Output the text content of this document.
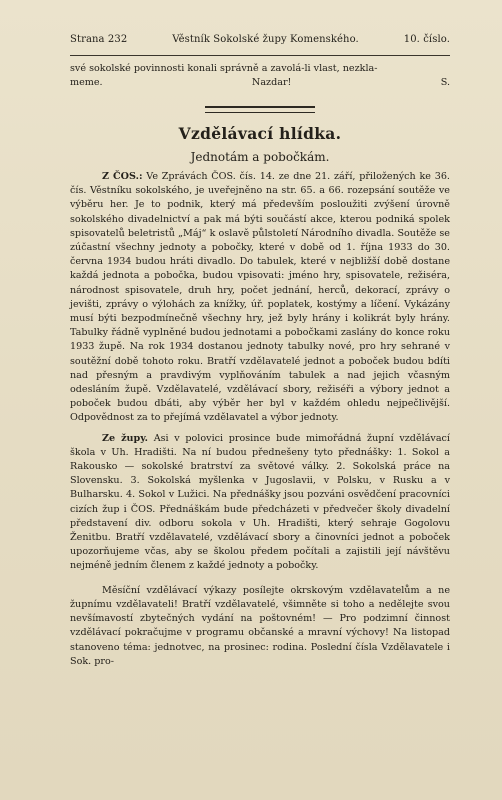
Strana 232	Věstník Sokolské župy Komenského.	10. číslo.

své sokolské povinnosti konali správně a zavolá-li vlast, nezkla-

meme.	Nazdar!	S.

Vzdělávací hlídka.
Jednotám a pobočkám.

Z ČOS.: Ve Zprávách ČOS. čís. 14. ze dne 21. září, přiložených ke 36. čís. Věstníku sokolského, je uveřejněno na str. 65. a 66. rozepsání soutěže ve výběru her. Je to podnik, který má především posloužiti zvýšení úrovně sokolského divadelnictví a pak má býti součástí akce, kterou podniká spolek spisovatelů beletristů „Máj“ k oslavě půlstoletí Národního divadla. Soutěže se zúčastní všechny jednoty a pobočky, které v době od 1. října 1933 do 30. června 1934 budou hráti divadlo. Do tabulek, které v nejbližší době dostane každá jednota a pobočka, budou vpisovati: jméno hry, spisovatele, režiséra, národnost spisovatele, druh hry, počet jednání, herců, dekorací, zprávy o jevišti, zprávy o výlohách za knížky, úř. poplatek, kostýmy a líčení. Vykázány musí býti bezpodmínečně všechny hry, jež byly hrány i kolikrát byly hrány. Tabulky řádně vyplněné budou jednotami a pobočkami zaslány do konce roku 1933 župě. Na rok 1934 dostanou jednoty tabulky nové, pro hry sehrané v soutěžní době tohoto roku. Bratří vzdělavatelé jednot a poboček budou bdíti nad přesným a pravdivým vyplňováním tabulek a nad jejich včasným odesláním župě. Vzdělavatelé, vzdělávací sbory, režiséři a výbory jednot a poboček budou dbáti, aby výběr her byl v každém ohledu nejpečlivější. Odpovědnost za to přejímá vzdělavatel a výbor jednoty.

Ze župy. Asi v polovici prosince bude mimořádná župní vzdělávací škola v Uh. Hradišti. Na ní budou přednešeny tyto přednášky: 1. Sokol a Rakousko — sokolské bratrství za světové války. 2. Sokolská práce na Slovensku. 3. Sokolská myšlenka v Jugoslavii, v Polsku, v Rusku a v Bulharsku. 4. Sokol v Lužici. Na přednášky jsou pozváni osvědčení pracovníci cizích žup i ČOS. Přednáškám bude předcházeti v předvečer školy divadelní představení div. odboru sokola v Uh. Hradišti, který sehraje Gogolovu Ženitbu. Bratří vzdělavatelé, vzdělávací sbory a činovníci jednot a poboček upozorňujeme včas, aby se školou předem počítali a zajistili její návštěvu nejméně jedním členem z každé jednoty a pobočky.

Měsíční vzdělávací výkazy posílejte okrskovým vzdělavatelům a ne župnímu vzdělavateli! Bratří vzdělavatelé, všimněte si toho a nedělejte svou nevšímavostí zbytečných vydání na poštovném! — Pro podzimní činnost vzdělávací pokračujme v programu občanské a mravní výchovy! Na listopad stanoveno téma: jednotvec, na prosinec: rodina. Poslední čísla Vzdělavatele i Sok. pro-
